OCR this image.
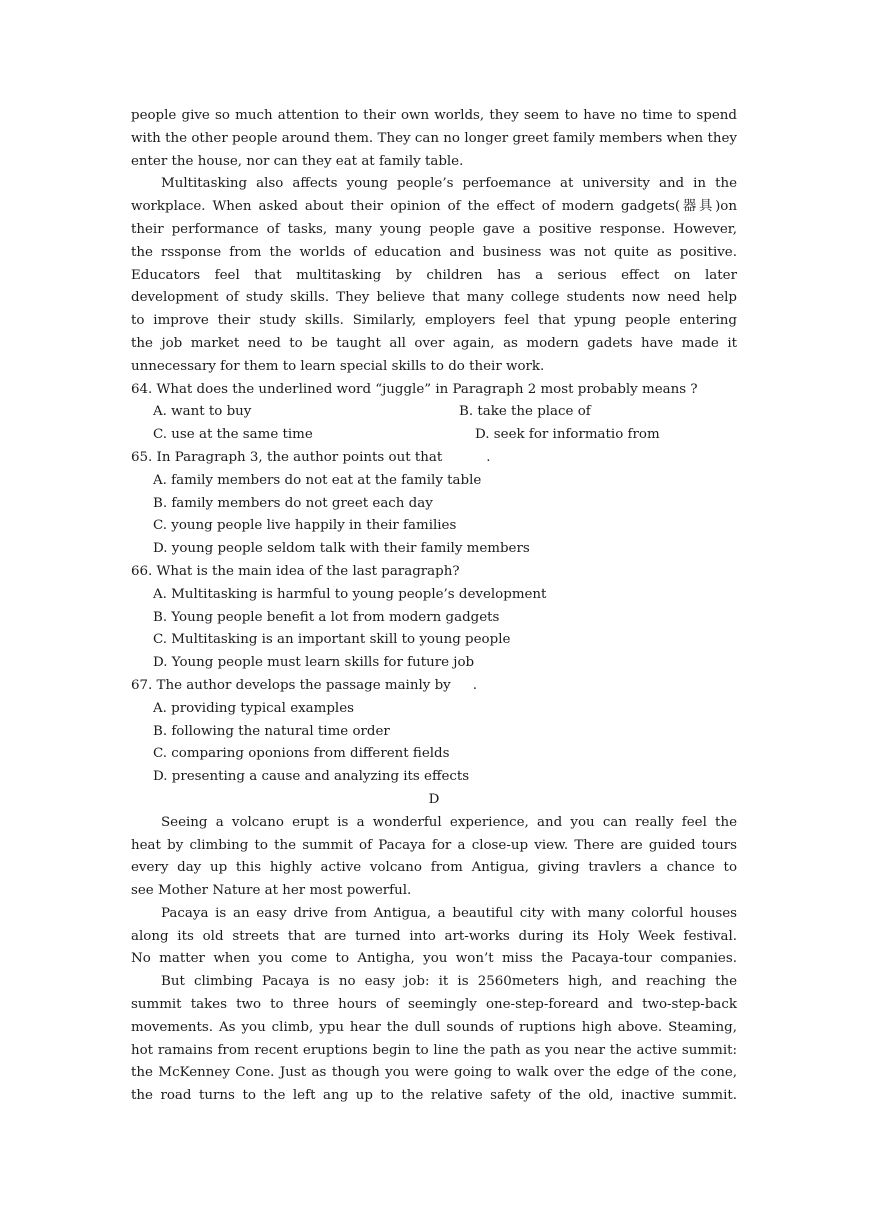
people give so much attention to their own worlds, they seem to have no time to spend
with the other people around them. They can no longer greet family members when they
enter the house, nor can they eat at family table.
Multitasking also affects young people’s perfoemance at university and in the
workplace. When asked about their opinion of the effect of modern gadgets(器具)on
their performance of tasks, many young people gave a positive response. However,
the rssponse from the worlds of education and business was not quite as positive.
Educators feel that multitasking by children has a serious effect on later
development of study skills. They believe that many college students now need help
to improve their study skills. Similarly, employers feel that ypung people entering
the job market need to be taught all over again, as modern gadets have made it
unnecessary for them to learn special skills to do their work.
64. What does the underlined word “juggle” in Paragraph 2 most probably means ?
A. want to buy	B. take the place of
C. use at the same time	D. seek for informatio from
65. In Paragraph 3, the author points out that	.
A. family members do not eat at the family table
B. family members do not greet each day
C. young people live happily in their families
D. young people seldom talk with their family members
66. What is the main idea of the last paragraph?
A. Multitasking is harmful to young people’s development
B. Young people benefit a lot from modern gadgets
C. Multitasking is an important skill to young people
D. Young people must learn skills for future job
67. The author develops the passage mainly by .
A. providing typical examples
B. following the natural time order
C. comparing oponions from different fields
D. presenting a cause and analyzing its effects
D
Seeing a volcano erupt is a wonderful experience, and you can really feel the
heat by climbing to the summit of Pacaya for a close-up view. There are guided tours
every day up this highly active volcano from Antigua, giving travlers a chance to
see Mother Nature at her most powerful.
Pacaya is an easy drive from Antigua, a beautiful city with many colorful houses
along its old streets that are turned into art-works during its Holy Week festival.
No matter when you come to Antigha, you won’t miss the Pacaya-tour companies.
But climbing Pacaya is no easy job: it is 2560meters high, and reaching the
summit takes two to three hours of seemingly one-step-foreard and two-step-back
movements. As you climb, ypu hear the dull sounds of ruptions high above. Steaming,
hot ramains from recent eruptions begin to line the path as you near the active summit:
the McKenney Cone. Just as though you were going to walk over the edge of the cone,
the road turns to the left ang up to the relative safety of the old, inactive summit.
